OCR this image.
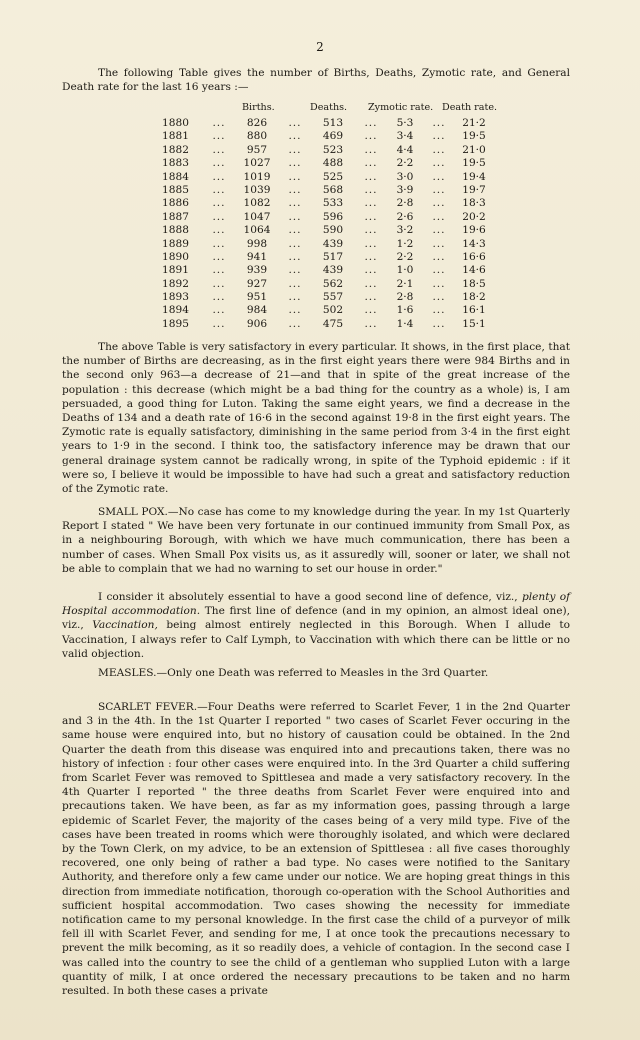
2

The following Table gives the number of Births, Deaths, Zymotic rate, and General Death rate for the last 16 years :—

Births.	Deaths. Zymotic rate. Death rate.
1880	...	826	...	513	...	5·3	...	21·2
1881	...	880	...	469	...	3·4	...	19·5
1882	...	957	...	523	...	4·4	...	21·0
1883	...	1027	...	488	...	2·2	...	19·5
1884	...	1019	...	525	...	3·0	...	19·4
1885	...	1039	...	568	...	3·9	...	19·7
1886	...	1082	...	533	...	2·8	...	18·3
1887	...	1047	...	596	...	2·6	...	20·2
1888	...	1064	...	590	...	3·2	...	19·6
1889	...	998	...	439	...	1·2	...	14·3
1890	...	941	...	517	...	2·2	...	16·6
1891	...	939	...	439	...	1·0	...	14·6
1892	...	927	...	562	...	2·1	...	18·5
1893	...	951	...	557	...	2·8	...	18·2
1894	...	984	...	502	...	1·6	...	16·1
1895	...	906	...	475	...	1·4	...	15·1

The above Table is very satisfactory in every particular. It shows, in the first place, that the number of Births are decreasing, as in the first eight years there were 984 Births and in the second only 963—a decrease of 21—and that in spite of the great increase of the population : this decrease (which might be a bad thing for the country as a whole) is, I am persuaded, a good thing for Luton. Taking the same eight years, we find a decrease in the Deaths of 134 and a death rate of 16·6 in the second against 19·8 in the first eight years. The Zymotic rate is equally satisfactory, diminishing in the same period from 3·4 in the first eight years to 1·9 in the second. I think too, the satisfactory inference may be drawn that our general drainage system cannot be radically wrong, in spite of the Typhoid epidemic : if it were so, I believe it would be impossible to have had such a great and satisfactory reduction of the Zymotic rate.

SMALL POX.—No case has come to my knowledge during the year. In my 1st Quarterly Report I stated " We have been very fortunate in our continued immunity from Small Pox, as in a neighbouring Borough, with which we have much communication, there has been a number of cases. When Small Pox visits us, as it assuredly will, sooner or later, we shall not be able to complain that we had no warning to set our house in order."

I consider it absolutely essential to have a good second line of defence, viz., plenty of Hospital accommodation. The first line of defence (and in my opinion, an almost ideal one), viz., Vaccination, being almost entirely neglected in this Borough. When I allude to Vaccination, I always refer to Calf Lymph, to Vaccination with which there can be little or no valid objection.

MEASLES.—Only one Death was referred to Measles in the 3rd Quarter.

SCARLET FEVER.—Four Deaths were referred to Scarlet Fever, 1 in the 2nd Quarter and 3 in the 4th. In the 1st Quarter I reported " two cases of Scarlet Fever occuring in the same house were enquired into, but no history of causation could be obtained. In the 2nd Quarter the death from this disease was enquired into and precautions taken, there was no history of infection : four other cases were enquired into. In the 3rd Quarter a child suffering from Scarlet Fever was removed to Spittlesea and made a very satisfactory recovery. In the 4th Quarter I reported " the three deaths from Scarlet Fever were enquired into and precautions taken. We have been, as far as my information goes, passing through a large epidemic of Scarlet Fever, the majority of the cases being of a very mild type. Five of the cases have been treated in rooms which were thoroughly isolated, and which were declared by the Town Clerk, on my advice, to be an extension of Spittlesea : all five cases thoroughly recovered, one only being of rather a bad type. No cases were notified to the Sanitary Authority, and therefore only a few came under our notice. We are hoping great things in this direction from immediate notification, thorough co-operation with the School Authorities and sufficient hospital accommodation. Two cases showing the necessity for immediate notification came to my personal knowledge. In the first case the child of a purveyor of milk fell ill with Scarlet Fever, and sending for me, I at once took the precautions necessary to prevent the milk becoming, as it so readily does, a vehicle of contagion. In the second case I was called into the country to see the child of a gentleman who supplied Luton with a large quantity of milk, I at once ordered the necessary precautions to be taken and no harm resulted. In both these cases a private
